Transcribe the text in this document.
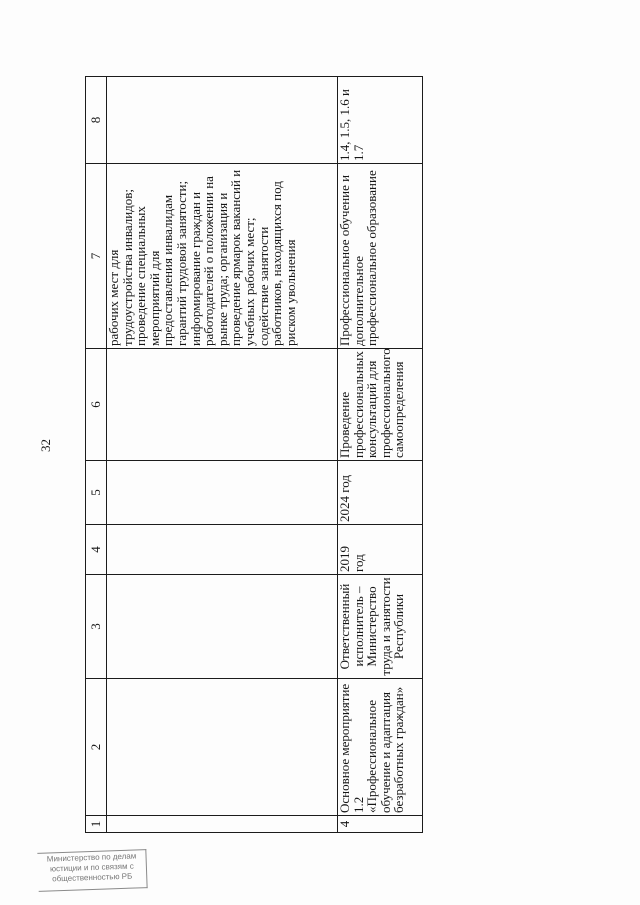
32
1	2	3	4	5	6	7	8
						рабочих мест для трудоустройства инвалидов; проведение специальных мероприятий для предоставления инвалидам гарантий трудовой занятости; информирование граждан и работодателей о положении на рынке труда; организация и проведение ярмарок вакансий и учебных рабочих мест; содействие занятости работников, находящихся под риском увольнения	
4	Основное мероприятие 1.2 «Профессиональное обучение и адаптация безработных граждан»	Ответственный исполнитель – Министерство труда и занятости Республики	2019 год	2024 год	Проведение профессиональных консультаций для профессионального самоопределения	Профессиональное обучение и дополнительное профессиональное образование	1.4, 1.5, 1.6 и 1.7
Министерство по делам
юстиции и по связям с
общественностью РБ
